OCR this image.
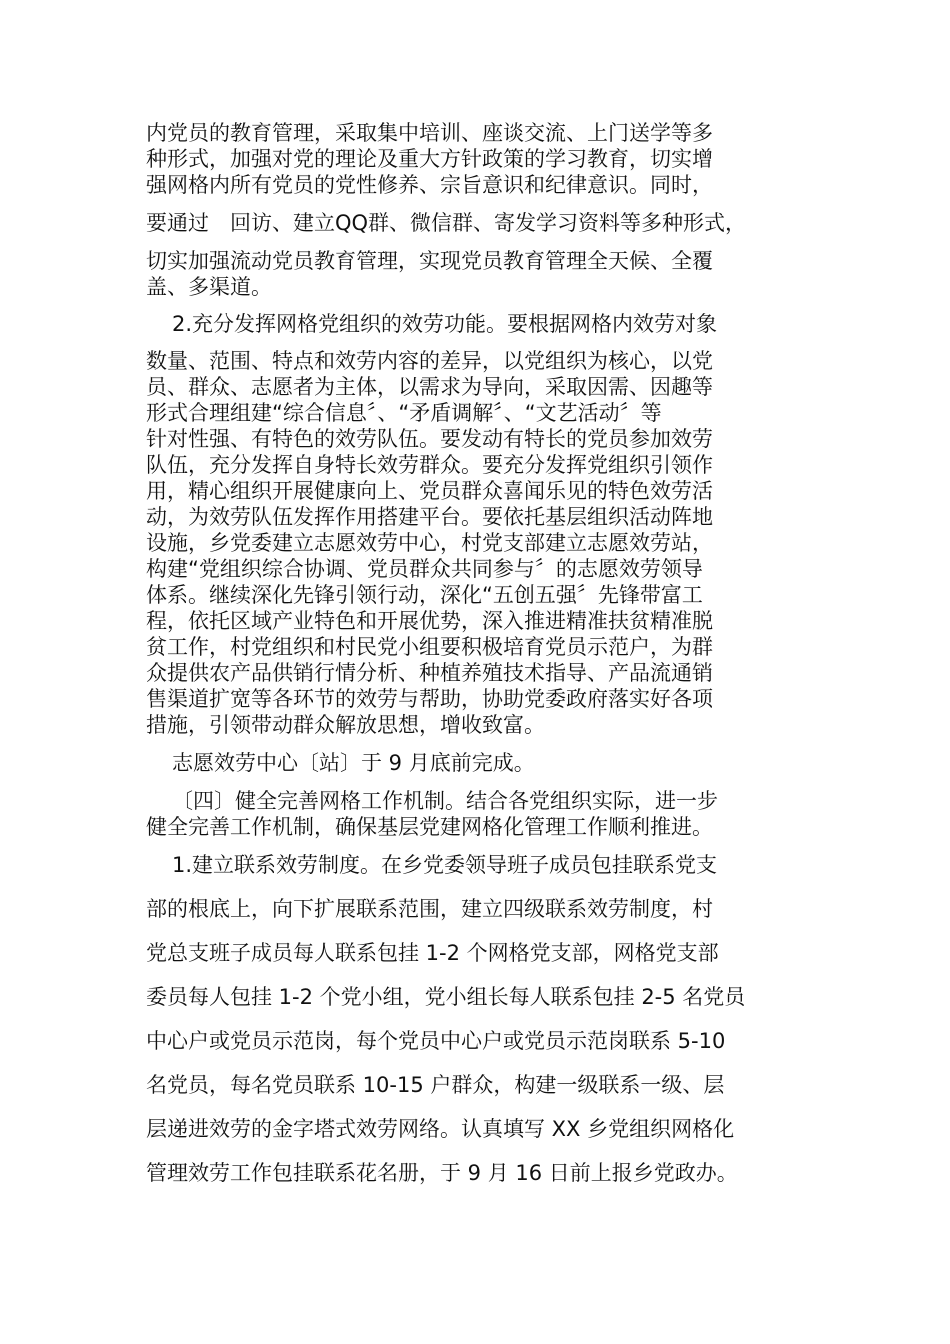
内党员的教育管理，采取集中培训、座谈交流、上门送学等多

种形式，加强对党的理论及重大方针政策的学习教育，切实增

强网格内所有党员的党性修养、宗旨意识和纪律意识。同时，

要通过　回访、建立QQ群、微信群、寄发学习资料等多种形式，

切实加强流动党员教育管理，实现党员教育管理全天候、全覆

盖、多渠道。

2.充分发挥网格党组织的效劳功能。要根据网格内效劳对象

数量、范围、特点和效劳内容的差异，以党组织为核心，以党

员、群众、志愿者为主体，以需求为导向，采取因需、因趣等

形式合理组建“综合信息〞、“矛盾调解〞、“文艺活动〞等

针对性强、有特色的效劳队伍。要发动有特长的党员参加效劳

队伍，充分发挥自身特长效劳群众。要充分发挥党组织引领作

用，精心组织开展健康向上、党员群众喜闻乐见的特色效劳活

动，为效劳队伍发挥作用搭建平台。要依托基层组织活动阵地

设施，乡党委建立志愿效劳中心，村党支部建立志愿效劳站，

构建“党组织综合协调、党员群众共同参与〞的志愿效劳领导

体系。继续深化先锋引领行动，深化“五创五强〞先锋带富工

程，依托区域产业特色和开展优势，深入推进精准扶贫精准脱

贫工作，村党组织和村民党小组要积极培育党员示范户，为群

众提供农产品供销行情分析、种植养殖技术指导、产品流通销

售渠道扩宽等各环节的效劳与帮助，协助党委政府落实好各项

措施，引领带动群众解放思想，增收致富。

志愿效劳中心〔站〕于 9 月底前完成。

〔四〕健全完善网格工作机制。结合各党组织实际，进一步

健全完善工作机制，确保基层党建网格化管理工作顺利推进。

1.建立联系效劳制度。在乡党委领导班子成员包挂联系党支

部的根底上，向下扩展联系范围，建立四级联系效劳制度，村

党总支班子成员每人联系包挂 1-2 个网格党支部，网格党支部

委员每人包挂 1-2 个党小组，党小组长每人联系包挂 2-5 名党员

中心户或党员示范岗，每个党员中心户或党员示范岗联系 5-10

名党员，每名党员联系 10-15 户群众，构建一级联系一级、层

层递进效劳的金字塔式效劳网络。认真填写 XX 乡党组织网格化

管理效劳工作包挂联系花名册，于 9 月 16 日前上报乡党政办。
